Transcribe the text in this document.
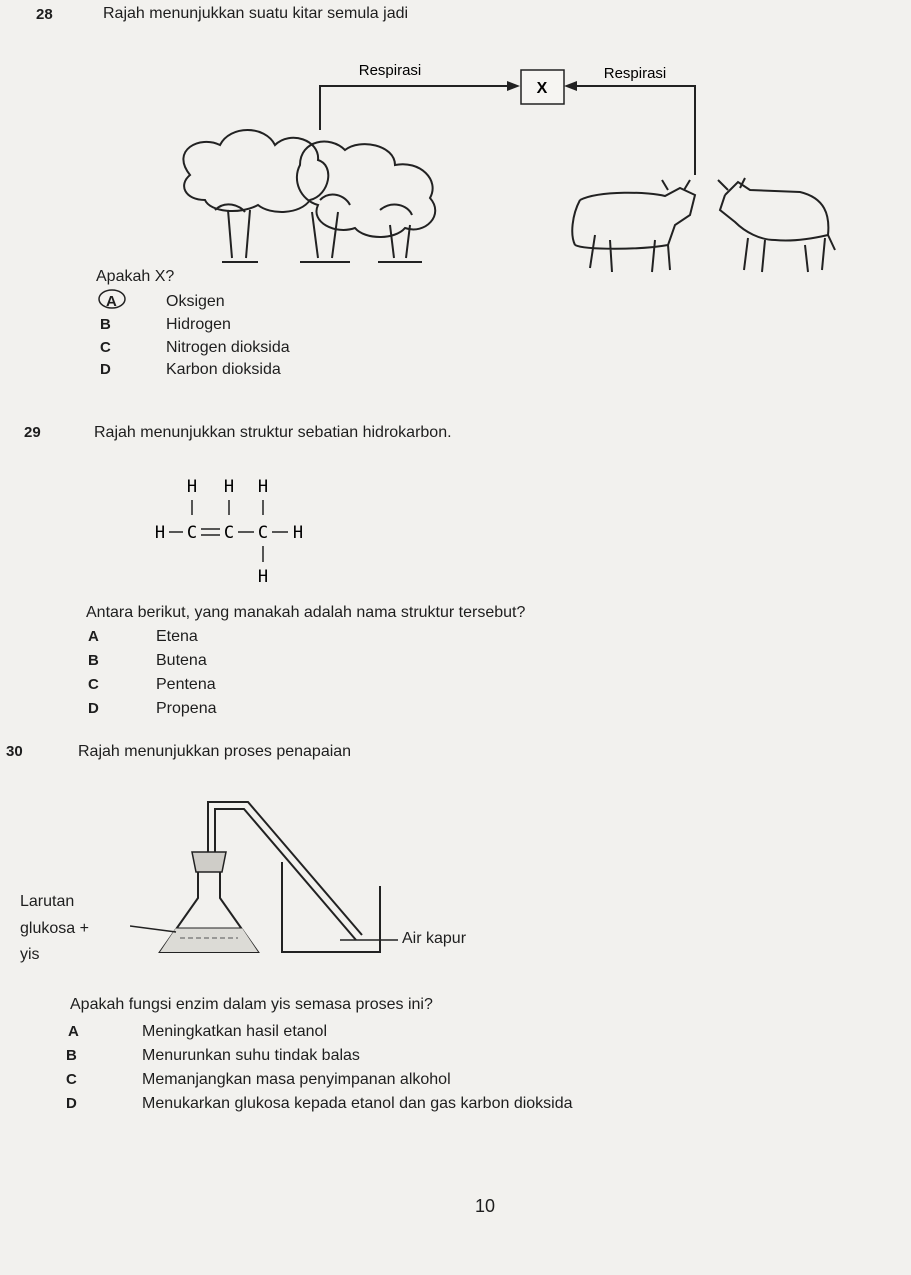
28	Rajah menunjukkan suatu kitar semula jadi
X
Respirasi	Respirasi
Apakah X?
A	Oksigen
B	Hidrogen
C	Nitrogen dioksida
D	Karbon dioksida
29	Rajah menunjukkan struktur sebatian hidrokarbon.
H H H
H C C C H
H
Antara berikut, yang manakah adalah nama struktur tersebut?
A	Etena
B	Butena
C	Pentena
D	Propena
30	Rajah menunjukkan proses penapaian
Larutan
glukosa +
yis
Air kapur
Apakah fungsi enzim dalam yis semasa proses ini?
A	Meningkatkan hasil etanol
B	Menurunkan suhu tindak balas
C	Memanjangkan masa penyimpanan alkohol
D	Menukarkan glukosa kepada etanol dan gas karbon dioksida
10
